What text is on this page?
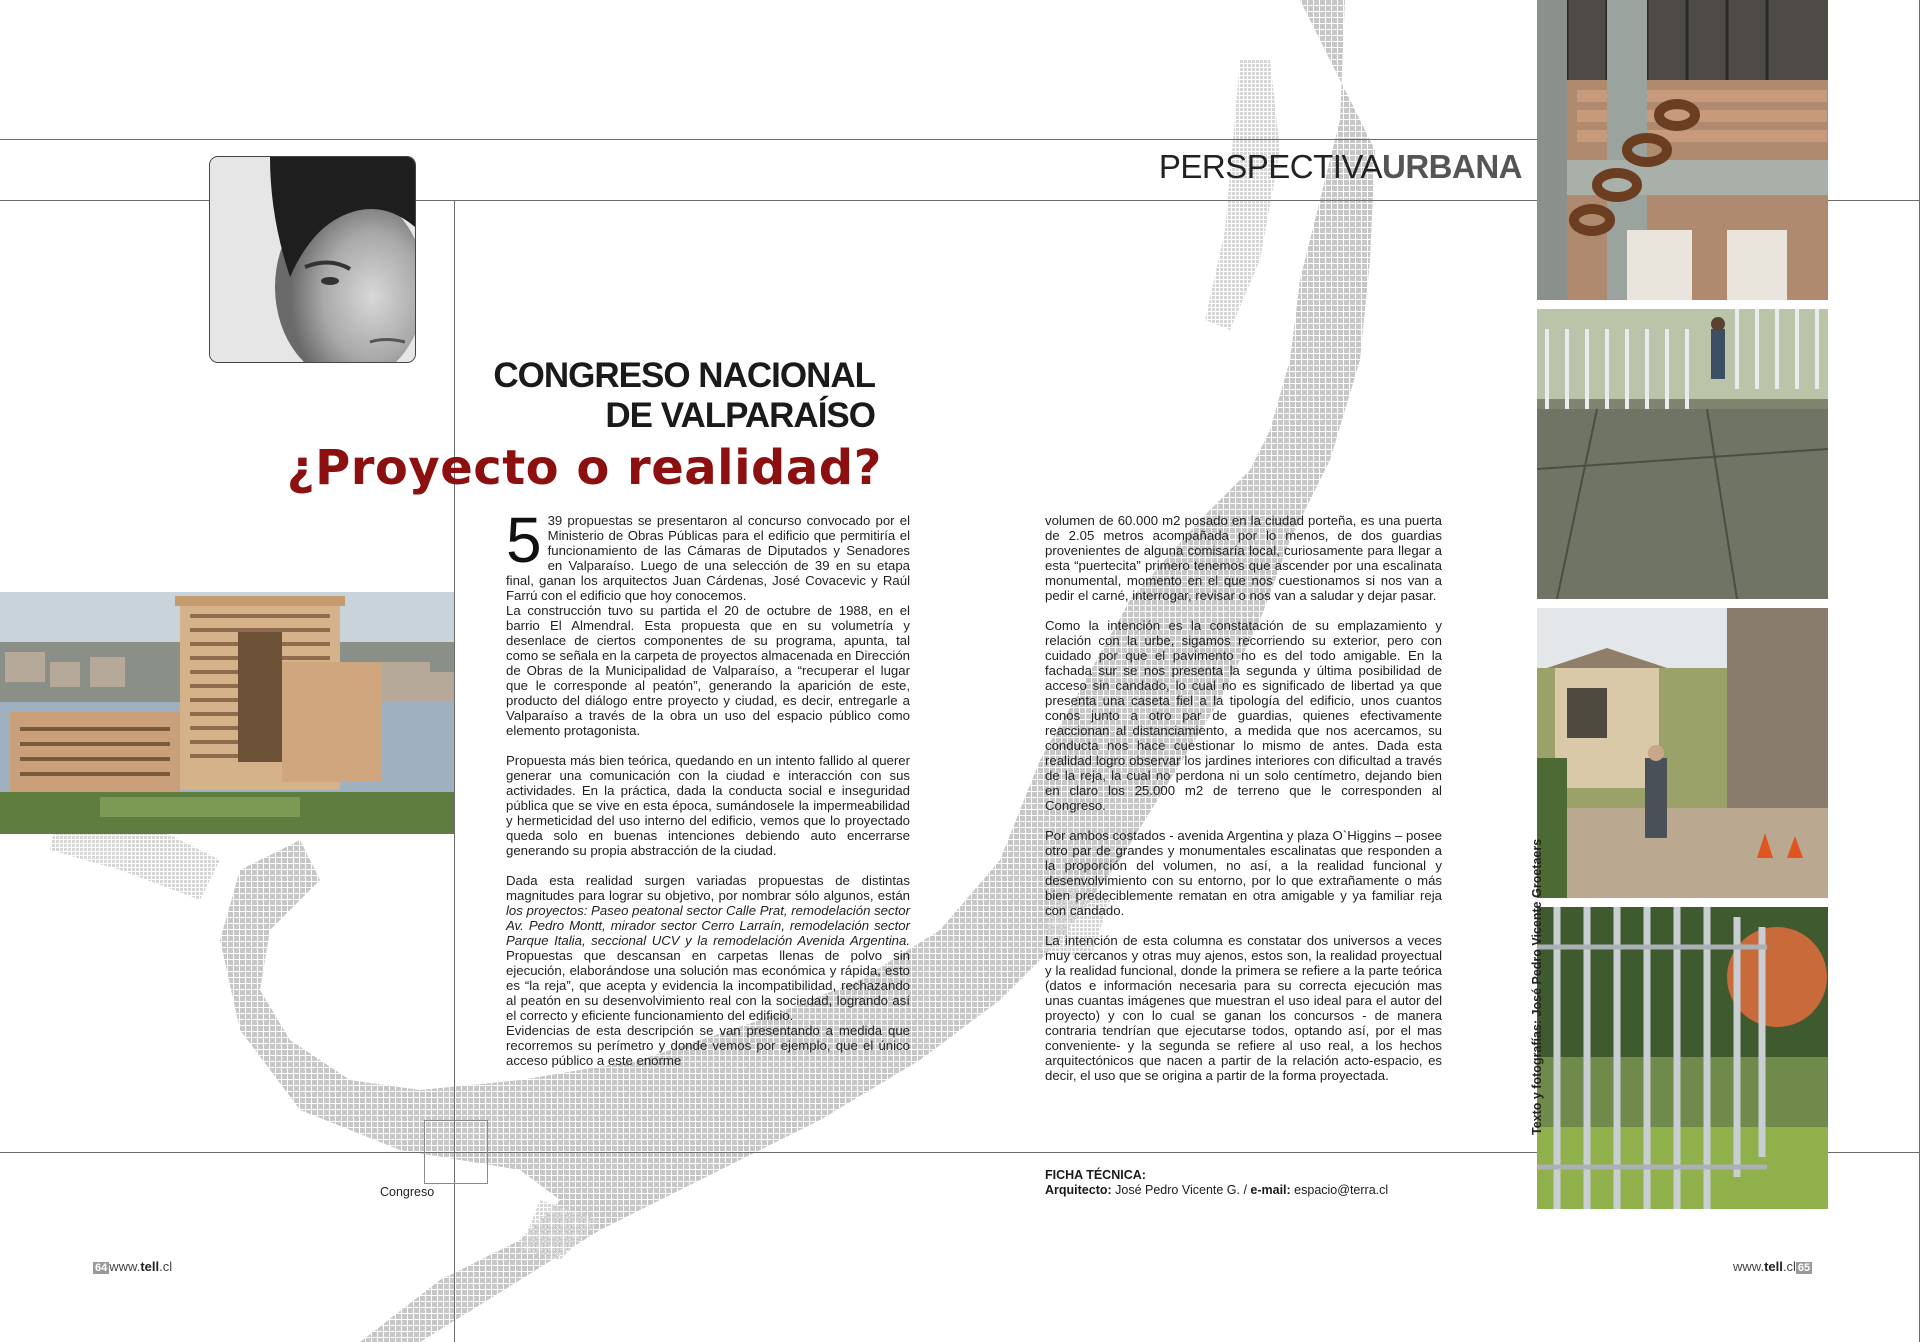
PERSPECTIVAURBANA
CONGRESO NACIONAL
DE VALPARAÍSO
¿Proyecto o realidad?
5 39 propuestas se presentaron al concurso convocado por el Ministerio de Obras Públicas para el edificio que permitiría el funcionamiento de las Cámaras de Diputados y Senadores en Valparaíso. Luego de una selección de 39 en su etapa final, ganan los arquitectos Juan Cárdenas, José Covacevic y Raúl Farrú con el edificio que hoy conocemos.

La construcción tuvo su partida el 20 de octubre de 1988, en el barrio El Almendral. Esta propuesta que en su volumetría y desenlace de ciertos componentes de su programa, apunta, tal como se señala en la carpeta de proyectos almacenada en Dirección de Obras de la Municipalidad de Valparaíso, a “recuperar el lugar que le corresponde al peatón”, generando la aparición de este, producto del diálogo entre proyecto y ciudad, es decir, entregarle a Valparaíso a través de la obra un uso del espacio público como elemento protagonista.

Propuesta más bien teórica, quedando en un intento fallido al querer generar una comunicación con la ciudad e interacción con sus actividades. En la práctica, dada la conducta social e inseguridad pública que se vive en esta época, sumándosele la impermeabilidad y hermeticidad del uso interno del edificio, vemos que lo proyectado queda solo en buenas intenciones debiendo auto encerrarse generando su propia abstracción de la ciudad.

Dada esta realidad surgen variadas propuestas de distintas magnitudes para lograr su objetivo, por nombrar sólo algunos, están los proyectos: Paseo peatonal sector Calle Prat, remodelación sector Av. Pedro Montt, mirador sector Cerro Larraín, remodelación sector Parque Italia, seccional UCV y la remodelación Avenida Argentina. Propuestas que descansan en carpetas llenas de polvo sin ejecución, elaborándose una solución mas económica y rápida, esto es “la reja”, que acepta y evidencia la incompatibilidad, rechazando al peatón en su desenvolvimiento real con la sociedad, logrando así el correcto y eficiente funcionamiento del edificio.

Evidencias de esta descripción se van presentando a medida que recorremos su perímetro y donde vemos por ejemplo, que el único acceso público a este enorme

volumen de 60.000 m2 posado en la ciudad porteña, es una puerta de 2.05 metros acompañada por lo menos, de dos guardias provenientes de alguna comisaría local, curiosamente para llegar a esta “puertecita” primero tenemos que ascender por una escalinata monumental, momento en el que nos cuestionamos si nos van a pedir el carné, interrogar, revisar o nos van a saludar y dejar pasar.

Como la intención es la constatación de su emplazamiento y relación con la urbe, sigamos recorriendo su exterior, pero con cuidado por que el pavimento no es del todo amigable. En la fachada sur se nos presenta la segunda y última posibilidad de acceso sin candado, lo cual no es significado de libertad ya que presenta una caseta fiel a la tipología del edificio, unos cuantos conos junto a otro par de guardias, quienes efectivamente reaccionan al distanciamiento, a medida que nos acercamos, su conducta nos hace cuestionar lo mismo de antes. Dada esta realidad logro observar los jardines interiores con dificultad a través de la reja, la cual no perdona ni un solo centímetro, dejando bien en claro los 25.000 m2 de terreno que le corresponden al Congreso.

Por ambos costados - avenida Argentina y plaza O`Higgins – posee otro par de grandes y monumentales escalinatas que responden a la proporción del volumen, no así, a la realidad funcional y desenvolvimiento con su entorno, por lo que extrañamente o más bien predeciblemente rematan en otra amigable y ya familiar reja con candado.

La intención de esta columna es constatar dos universos a veces muy cercanos y otras muy ajenos, estos son, la realidad proyectual y la realidad funcional, donde la primera se refiere a la parte teórica (datos e información necesaria para su correcta ejecución mas unas cuantas imágenes que muestran el uso ideal para el autor del proyecto) y con lo cual se ganan los concursos - de manera contraria tendrían que ejecutarse todos, optando así, por el mas conveniente- y la segunda se refiere al uso real, a los hechos arquitectónicos que nacen a partir de la relación acto-espacio, es decir, el uso que se origina a partir de la forma proyectada.

FICHA TÉCNICA:
Arquitecto: José Pedro Vicente G. / e-mail: espacio@terra.cl
Texto y fotografías: José Pedro Vicente Groetaers
Congreso
64 www.tell.cl	www.tell.cl 65
